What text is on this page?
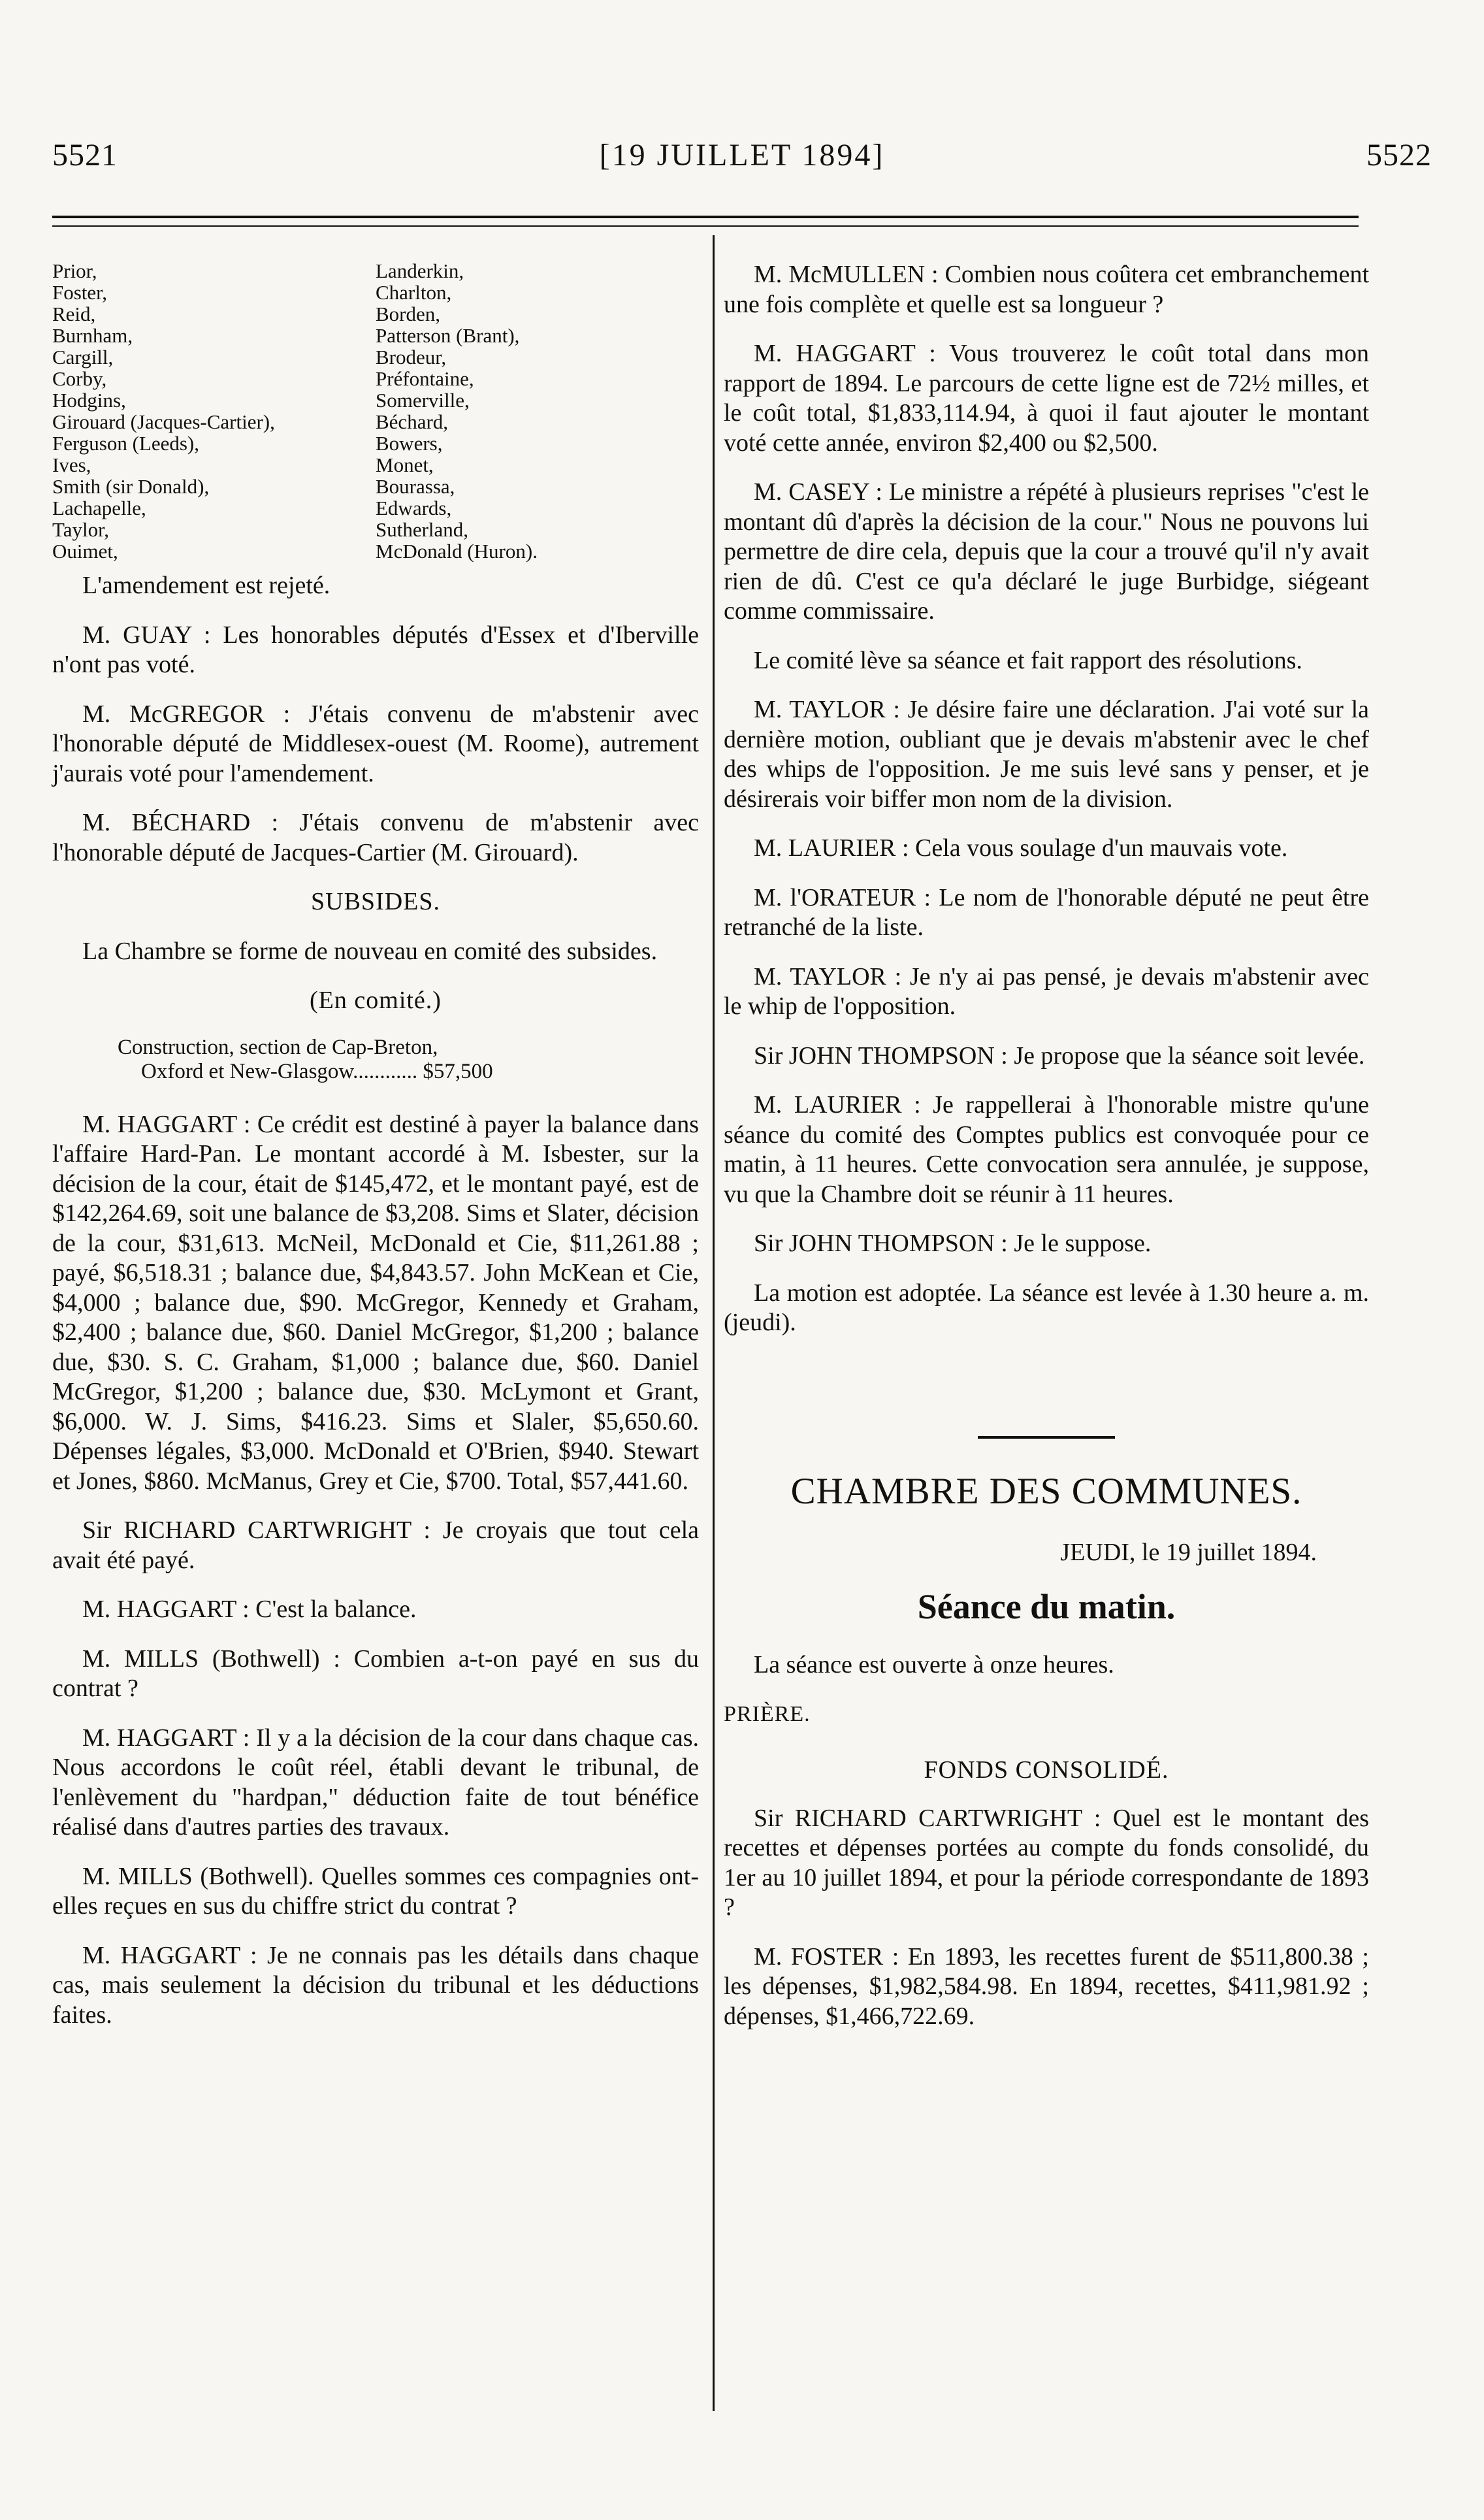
5521	[19 JUILLET 1894]	5522
Prior,
Foster,
Reid,
Burnham,
Cargill,
Corby,
Hodgins,
Girouard (Jacques-Cartier),
Ferguson (Leeds),
Ives,
Smith (sir Donald),
Lachapelle,
Taylor,
Ouimet,
Landerkin,
Charlton,
Borden,
Patterson (Brant),
Brodeur,
Préfontaine,
Somerville,
Béchard,
Bowers,
Monet,
Bourassa,
Edwards,
Sutherland,
McDonald (Huron).

L'amendement est rejeté.

M. GUAY : Les honorables députés d'Essex et d'Iberville n'ont pas voté.

M. McGREGOR : J'étais convenu de m'abstenir avec l'honorable député de Middlesex-ouest (M. Roome), autrement j'aurais voté pour l'amendement.

M. BÉCHARD : J'étais convenu de m'abstenir avec l'honorable député de Jacques-Cartier (M. Girouard).

SUBSIDES.

La Chambre se forme de nouveau en comité des subsides.

(En comité.)

Construction, section de Cap-Breton,
Oxford et New-Glasgow............ $57,500

M. HAGGART : Ce crédit est destiné à payer la balance dans l'affaire Hard-Pan. Le montant accordé à M. Isbester, sur la décision de la cour, était de $145,472, et le montant payé, est de $142,264.69, soit une balance de $3,208. Sims et Slater, décision de la cour, $31,613. McNeil, McDonald et Cie, $11,261.88 ; payé, $6,518.31 ; balance due, $4,843.57. John McKean et Cie, $4,000 ; balance due, $90. McGregor, Kennedy et Graham, $2,400 ; balance due, $60. Daniel McGregor, $1,200 ; balance due, $30. S. C. Graham, $1,000 ; balance due, $60. Daniel McGregor, $1,200 ; balance due, $30. McLymont et Grant, $6,000. W. J. Sims, $416.23. Sims et Slaler, $5,650.60. Dépenses légales, $3,000. McDonald et O'Brien, $940. Stewart et Jones, $860. McManus, Grey et Cie, $700. Total, $57,441.60.

Sir RICHARD CARTWRIGHT : Je croyais que tout cela avait été payé.

M. HAGGART : C'est la balance.

M. MILLS (Bothwell) : Combien a-t-on payé en sus du contrat ?

M. HAGGART : Il y a la décision de la cour dans chaque cas. Nous accordons le coût réel, établi devant le tribunal, de l'enlèvement du "hardpan," déduction faite de tout bénéfice réalisé dans d'autres parties des travaux.

M. MILLS (Bothwell). Quelles sommes ces compagnies ont-elles reçues en sus du chiffre strict du contrat ?

M. HAGGART : Je ne connais pas les détails dans chaque cas, mais seulement la décision du tribunal et les déductions faites.

M. McMULLEN : Combien nous coûtera cet embranchement une fois complète et quelle est sa longueur ?

M. HAGGART : Vous trouverez le coût total dans mon rapport de 1894. Le parcours de cette ligne est de 72½ milles, et le coût total, $1,833,114.94, à quoi il faut ajouter le montant voté cette année, environ $2,400 ou $2,500.

M. CASEY : Le ministre a répété à plusieurs reprises "c'est le montant dû d'après la décision de la cour." Nous ne pouvons lui permettre de dire cela, depuis que la cour a trouvé qu'il n'y avait rien de dû. C'est ce qu'a déclaré le juge Burbidge, siégeant comme commissaire.

Le comité lève sa séance et fait rapport des résolutions.

M. TAYLOR : Je désire faire une déclaration. J'ai voté sur la dernière motion, oubliant que je devais m'abstenir avec le chef des whips de l'opposition. Je me suis levé sans y penser, et je désirerais voir biffer mon nom de la division.

M. LAURIER : Cela vous soulage d'un mauvais vote.

M. l'ORATEUR : Le nom de l'honorable député ne peut être retranché de la liste.

M. TAYLOR : Je n'y ai pas pensé, je devais m'abstenir avec le whip de l'opposition.

Sir JOHN THOMPSON : Je propose que la séance soit levée.

M. LAURIER : Je rappellerai à l'honorable mistre qu'une séance du comité des Comptes publics est convoquée pour ce matin, à 11 heures. Cette convocation sera annulée, je suppose, vu que la Chambre doit se réunir à 11 heures.

Sir JOHN THOMPSON : Je le suppose.

La motion est adoptée. La séance est levée à 1.30 heure a. m. (jeudi).

CHAMBRE DES COMMUNES.
JEUDI, le 19 juillet 1894.
Séance du matin.

La séance est ouverte à onze heures.

PRIÈRE.

FONDS CONSOLIDÉ.

Sir RICHARD CARTWRIGHT : Quel est le montant des recettes et dépenses portées au compte du fonds consolidé, du 1er au 10 juillet 1894, et pour la période correspondante de 1893 ?

M. FOSTER : En 1893, les recettes furent de $511,800.38 ; les dépenses, $1,982,584.98. En 1894, recettes, $411,981.92 ; dépenses, $1,466,722.69.
